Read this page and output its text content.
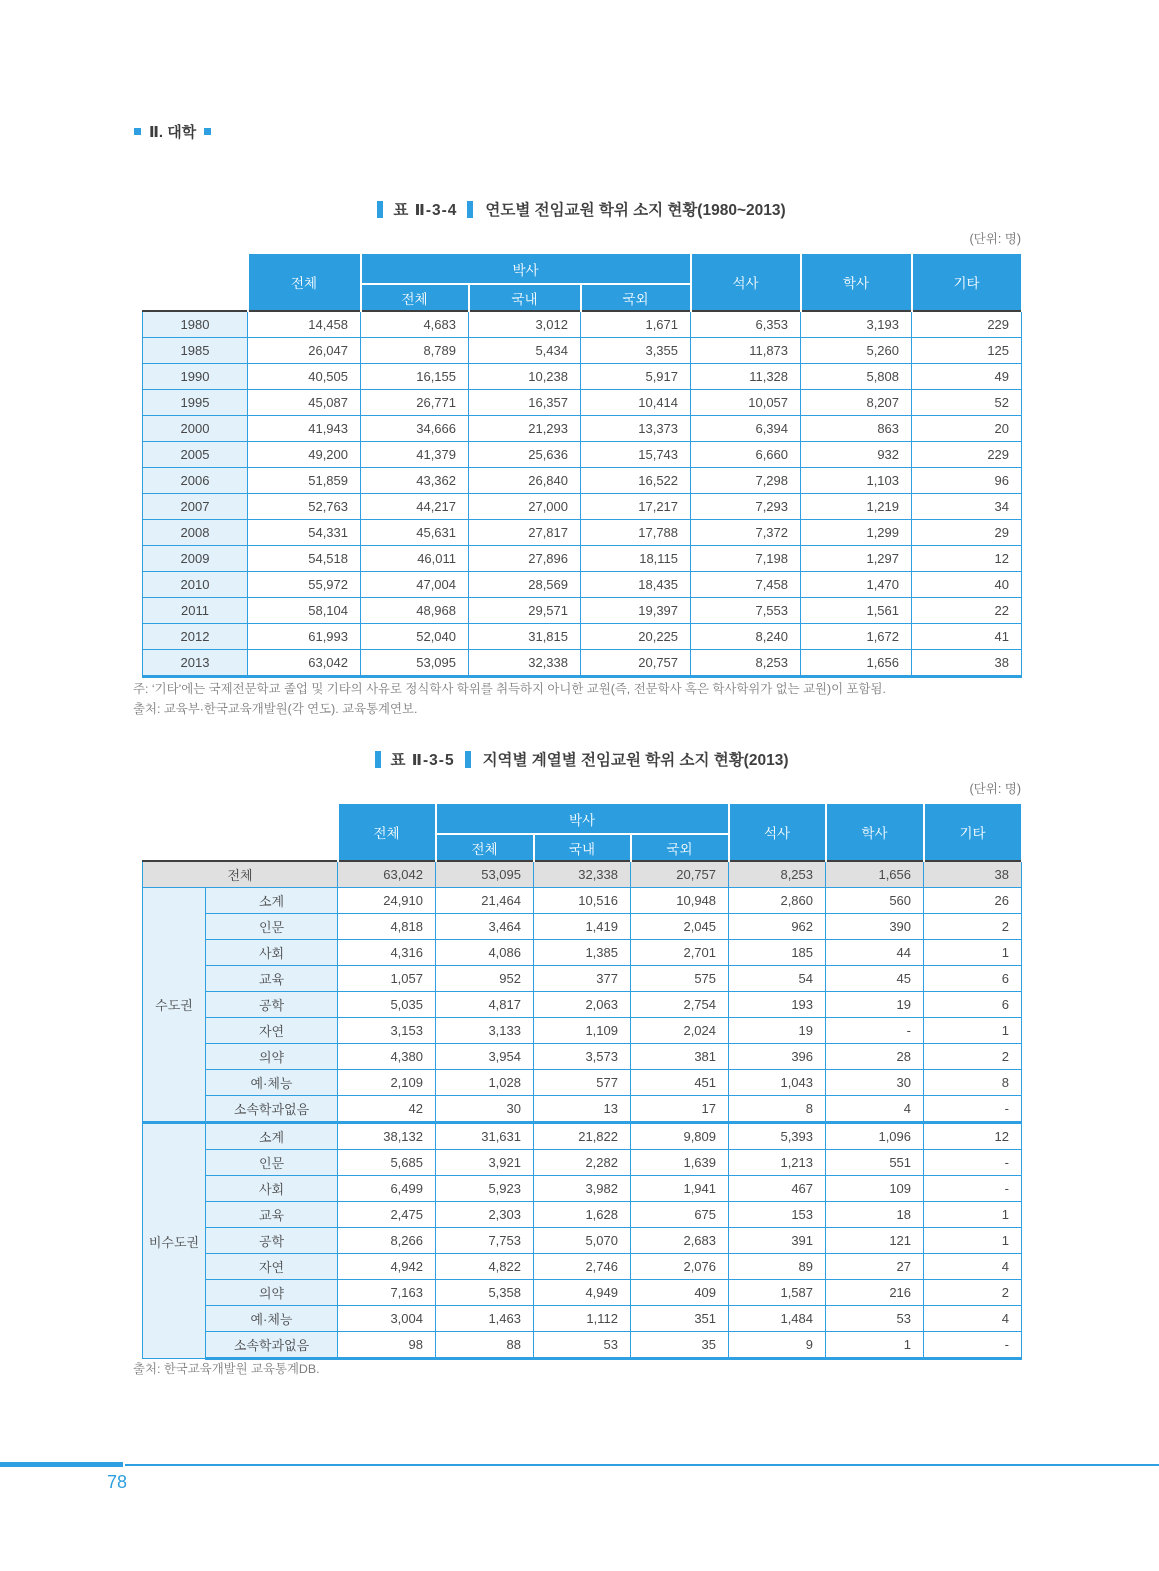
Ⅱ. 대학
표 Ⅱ-3-4 연도별 전임교원 학위 소지 현황(1980~2013)
(단위: 명)
	전체	박사			석사	학사	기타
		전체	국내	국외			
1980	14,458	4,683	3,012	1,671	6,353	3,193	229
1985	26,047	8,789	5,434	3,355	11,873	5,260	125
1990	40,505	16,155	10,238	5,917	11,328	5,808	49
1995	45,087	26,771	16,357	10,414	10,057	8,207	52
2000	41,943	34,666	21,293	13,373	6,394	863	20
2005	49,200	41,379	25,636	15,743	6,660	932	229
2006	51,859	43,362	26,840	16,522	7,298	1,103	96
2007	52,763	44,217	27,000	17,217	7,293	1,219	34
2008	54,331	45,631	27,817	17,788	7,372	1,299	29
2009	54,518	46,011	27,896	18,115	7,198	1,297	12
2010	55,972	47,004	28,569	18,435	7,458	1,470	40
2011	58,104	48,968	29,571	19,397	7,553	1,561	22
2012	61,993	52,040	31,815	20,225	8,240	1,672	41
2013	63,042	53,095	32,338	20,757	8,253	1,656	38
주: ‘기타’에는 국제전문학교 졸업 및 기타의 사유로 정식학사 학위를 취득하지 아니한 교원(즉, 전문학사 혹은 학사학위가 없는 교원)이 포함됨.
출처: 교육부·한국교육개발원(각 연도). 교육통계연보.
표 Ⅱ-3-5 지역별 계열별 전임교원 학위 소지 현황(2013)
(단위: 명)
		전체	박사			석사	학사	기타
			전체	국내	국외			
전체		63,042	53,095	32,338	20,757	8,253	1,656	38
수도권	소계	24,910	21,464	10,516	10,948	2,860	560	26
	인문	4,818	3,464	1,419	2,045	962	390	2
	사회	4,316	4,086	1,385	2,701	185	44	1
	교육	1,057	952	377	575	54	45	6
	공학	5,035	4,817	2,063	2,754	193	19	6
	자연	3,153	3,133	1,109	2,024	19	-	1
	의약	4,380	3,954	3,573	381	396	28	2
	예·체능	2,109	1,028	577	451	1,043	30	8
	소속학과없음	42	30	13	17	8	4	-
비수도권	소계	38,132	31,631	21,822	9,809	5,393	1,096	12
	인문	5,685	3,921	2,282	1,639	1,213	551	-
	사회	6,499	5,923	3,982	1,941	467	109	-
	교육	2,475	2,303	1,628	675	153	18	1
	공학	8,266	7,753	5,070	2,683	391	121	1
	자연	4,942	4,822	2,746	2,076	89	27	4
	의약	7,163	5,358	4,949	409	1,587	216	2
	예·체능	3,004	1,463	1,112	351	1,484	53	4
	소속학과없음	98	88	53	35	9	1	-
출처: 한국교육개발원 교육통계DB.
78
